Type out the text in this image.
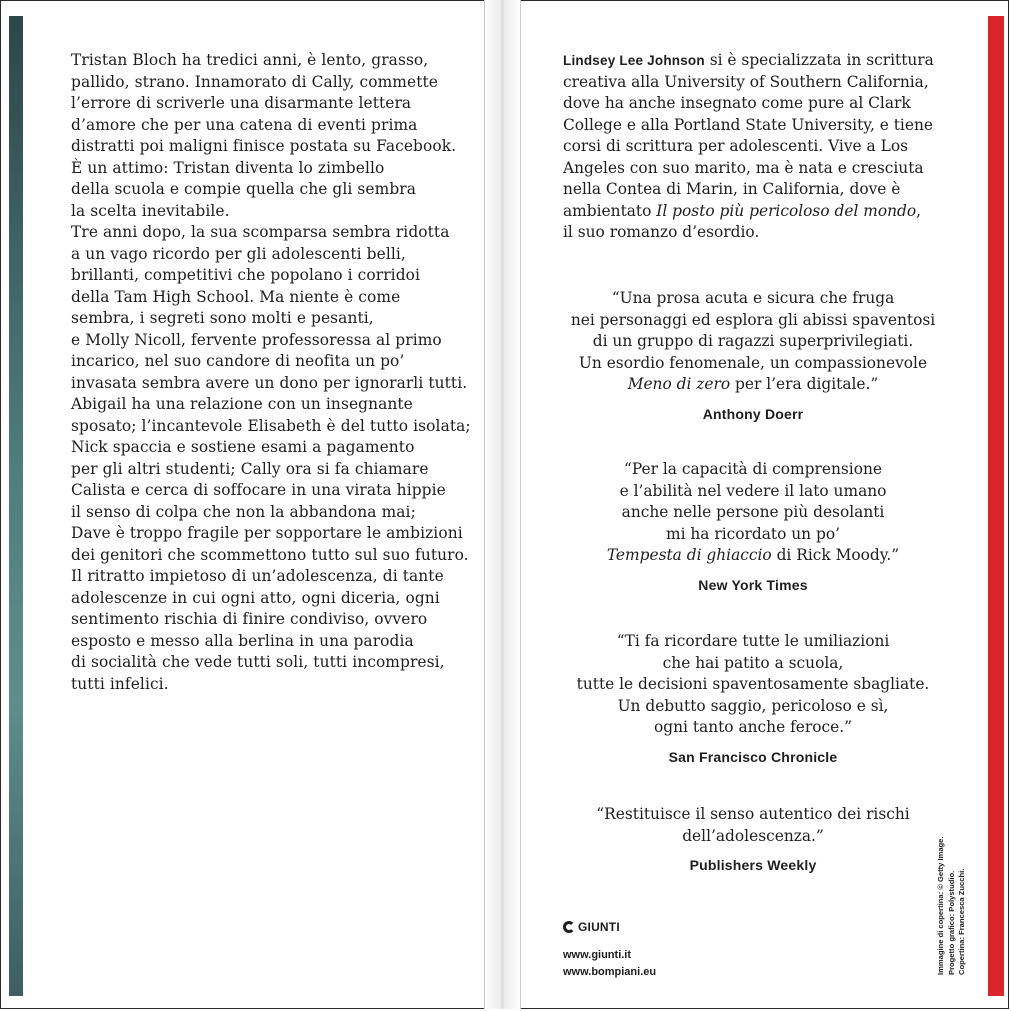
Tristan Bloch ha tredici anni, è lento, grasso,
pallido, strano. Innamorato di Cally, commette
l’errore di scriverle una disarmante lettera
d’amore che per una catena di eventi prima
distratti poi maligni finisce postata su Facebook.
È un attimo: Tristan diventa lo zimbello
della scuola e compie quella che gli sembra
la scelta inevitabile.
Tre anni dopo, la sua scomparsa sembra ridotta
a un vago ricordo per gli adolescenti belli,
brillanti, competitivi che popolano i corridoi
della Tam High School. Ma niente è come
sembra, i segreti sono molti e pesanti,
e Molly Nicoll, fervente professoressa al primo
incarico, nel suo candore di neofita un po’
invasata sembra avere un dono per ignorarli tutti.
Abigail ha una relazione con un insegnante
sposato; l’incantevole Elisabeth è del tutto isolata;
Nick spaccia e sostiene esami a pagamento
per gli altri studenti; Cally ora si fa chiamare
Calista e cerca di soffocare in una virata hippie
il senso di colpa che non la abbandona mai;
Dave è troppo fragile per sopportare le ambizioni
dei genitori che scommettono tutto sul suo futuro.
Il ritratto impietoso di un’adolescenza, di tante
adolescenze in cui ogni atto, ogni diceria, ogni
sentimento rischia di finire condiviso, ovvero
esposto e messo alla berlina in una parodia
di socialità che vede tutti soli, tutti incompresi,
tutti infelici.
Lindsey Lee Johnson si è specializzata in scrittura
creativa alla University of Southern California,
dove ha anche insegnato come pure al Clark
College e alla Portland State University, e tiene
corsi di scrittura per adolescenti. Vive a Los
Angeles con suo marito, ma è nata e cresciuta
nella Contea di Marin, in California, dove è
ambientato Il posto più pericoloso del mondo,
il suo romanzo d’esordio.
“Una prosa acuta e sicura che fruga
nei personaggi ed esplora gli abissi spaventosi
di un gruppo di ragazzi superprivilegiati.
Un esordio fenomenale, un compassionevole
Meno di zero per l’era digitale.”
Anthony Doerr
“Per la capacità di comprensione
e l’abilità nel vedere il lato umano
anche nelle persone più desolanti
mi ha ricordato un po’
Tempesta di ghiaccio di Rick Moody.”
New York Times
“Ti fa ricordare tutte le umiliazioni
che hai patito a scuola,
tutte le decisioni spaventosamente sbagliate.
Un debutto saggio, pericoloso e sì,
ogni tanto anche feroce.”
San Francisco Chronicle
“Restituisce il senso autentico dei rischi
dell’adolescenza.”
Publishers Weekly
GIUNTI
www.giunti.it
www.bompiani.eu	Immagine di copertina: © Getty Image. Progetto grafico: Polystudio. Copertina: Francesca Zucchi.
